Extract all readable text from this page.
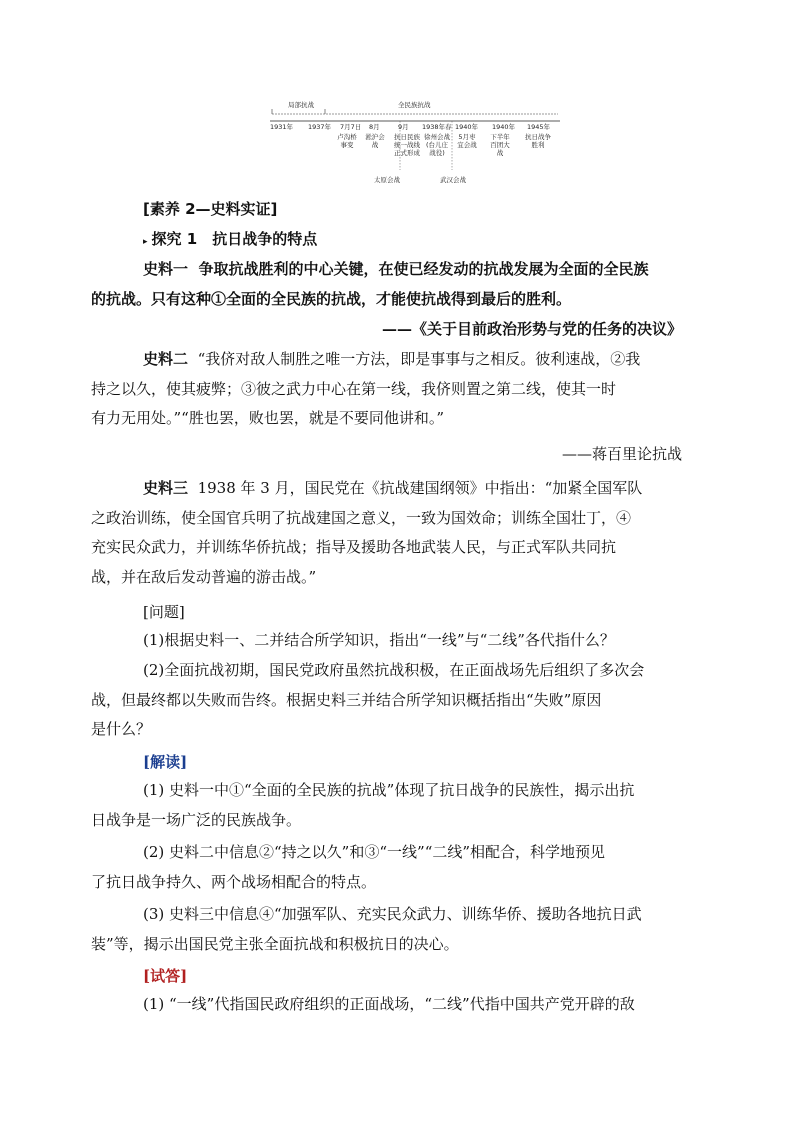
局部抗战	全民族抗战
1931年 1937年 7月7日 8月	9月 1938年春 1940年 1940年 1945年
卢沟桥事变
淞沪会战
抗日民族统一战线正式形成
徐州会战(台儿庄战役)
5月枣宜会战
下半年百团大战
抗日战争胜利
太原会战	武汉会战
[素养 2—史料实证]
▸ 探究 1　抗日战争的特点
史料一 争取抗战胜利的中心关键，在使已经发动的抗战发展为全面的全民族
的抗战。只有这种①全面的全民族的抗战，才能使抗战得到最后的胜利。
——《关于目前政治形势与党的任务的决议》
史料二 “我侪对敌人制胜之唯一方法，即是事事与之相反。彼利速战，②我
持之以久，使其疲弊；③彼之武力中心在第一线，我侪则置之第二线，使其一时
有力无用处。”“胜也罢，败也罢，就是不要同他讲和。”
——蒋百里论抗战
史料三 1938 年 3 月，国民党在《抗战建国纲领》中指出：“加紧全国军队
之政治训练，使全国官兵明了抗战建国之意义，一致为国效命；训练全国壮丁，④
充实民众武力，并训练华侨抗战；指导及援助各地武装人民，与正式军队共同抗
战，并在敌后发动普遍的游击战。”
[问题]
(1)根据史料一、二并结合所学知识，指出“一线”与“二线”各代指什么？
(2)全面抗战初期，国民党政府虽然抗战积极，在正面战场先后组织了多次会
战，但最终都以失败而告终。根据史料三并结合所学知识概括指出“失败”原因
是什么？
[解读]
(1) 史料一中①“全面的全民族的抗战”体现了抗日战争的民族性，揭示出抗
日战争是一场广泛的民族战争。
(2) 史料二中信息②“持之以久”和③“一线”“二线”相配合，科学地预见
了抗日战争持久、两个战场相配合的特点。
(3) 史料三中信息④“加强军队、充实民众武力、训练华侨、援助各地抗日武
装”等，揭示出国民党主张全面抗战和积极抗日的决心。
[试答]
(1) “一线”代指国民政府组织的正面战场，“二线”代指中国共产党开辟的敌
